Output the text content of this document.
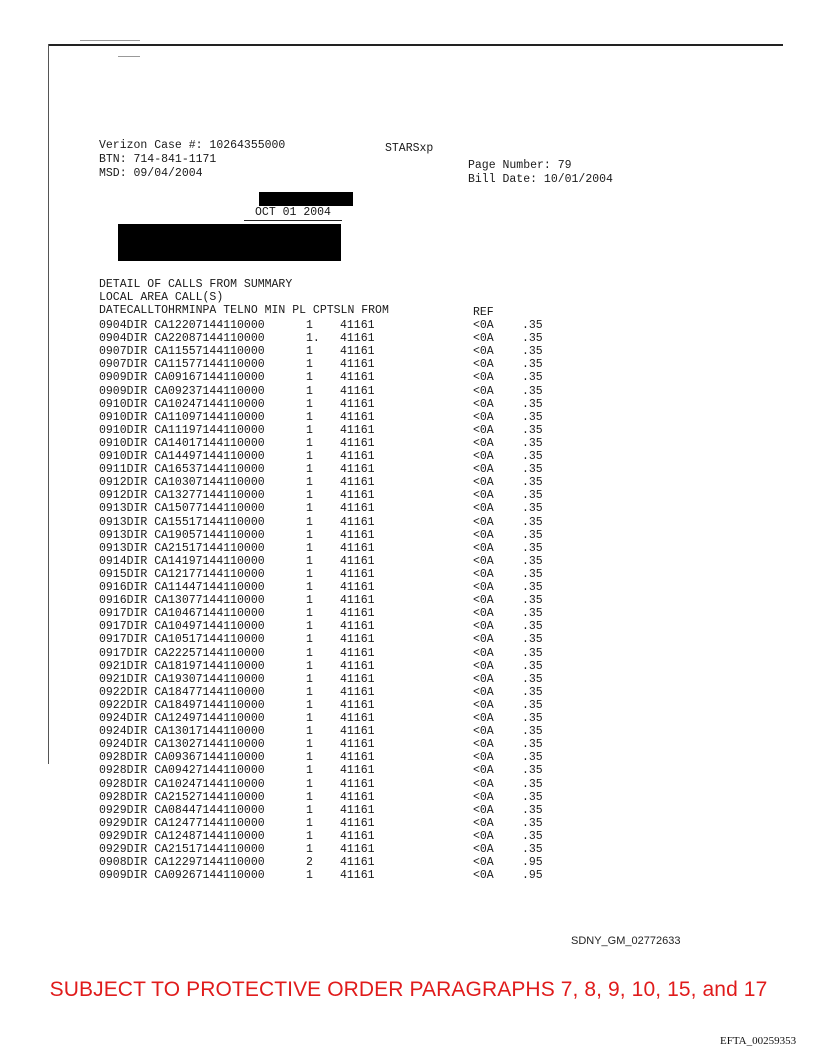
Verizon Case #: 10264355000
BTN: 714-841-1171
MSD: 09/04/2004
STARSxp
Page Number: 79
Bill Date: 10/01/2004
OCT 01 2004
DETAIL OF CALLS FROM SUMMARY
LOCAL AREA CALL(S)
DATECALLTOHRMINPA TELNO MIN PL CPTSLN FROM	REF
0904DIR CA12207144110000	1 41161	<0A .35
0904DIR CA22087144110000	1. 41161	<0A .35
0907DIR CA11557144110000	1 41161	<0A .35
0907DIR CA11577144110000	1 41161	<0A .35
0909DIR CA09167144110000	1 41161	<0A .35
0909DIR CA09237144110000	1 41161	<0A .35
0910DIR CA10247144110000	1 41161	<0A .35
0910DIR CA11097144110000	1 41161	<0A .35
0910DIR CA11197144110000	1 41161	<0A .35
0910DIR CA14017144110000	1 41161	<0A .35
0910DIR CA14497144110000	1 41161	<0A .35
0911DIR CA16537144110000	1 41161	<0A .35
0912DIR CA10307144110000	1 41161	<0A .35
0912DIR CA13277144110000	1 41161	<0A .35
0913DIR CA15077144110000	1 41161	<0A .35
0913DIR CA15517144110000	1 41161	<0A .35
0913DIR CA19057144110000	1 41161	<0A .35
0913DIR CA21517144110000	1 41161	<0A .35
0914DIR CA14197144110000	1 41161	<0A .35
0915DIR CA12177144110000	1 41161	<0A .35
0916DIR CA11447144110000	1 41161	<0A .35
0916DIR CA13077144110000	1 41161	<0A .35
0917DIR CA10467144110000	1 41161	<0A .35
0917DIR CA10497144110000	1 41161	<0A .35
0917DIR CA10517144110000	1 41161	<0A .35
0917DIR CA22257144110000	1 41161	<0A .35
0921DIR CA18197144110000	1 41161	<0A .35
0921DIR CA19307144110000	1 41161	<0A .35
0922DIR CA18477144110000	1 41161	<0A .35
0922DIR CA18497144110000	1 41161	<0A .35
0924DIR CA12497144110000	1 41161	<0A .35
0924DIR CA13017144110000	1 41161	<0A .35
0924DIR CA13027144110000	1 41161	<0A .35
0928DIR CA09367144110000	1 41161	<0A .35
0928DIR CA09427144110000	1 41161	<0A .35
0928DIR CA10247144110000	1 41161	<0A .35
0928DIR CA21527144110000	1 41161	<0A .35
0929DIR CA08447144110000	1 41161	<0A .35
0929DIR CA12477144110000	1 41161	<0A .35
0929DIR CA12487144110000	1 41161	<0A .35
0929DIR CA21517144110000	1 41161	<0A .35
0908DIR CA12297144110000	2 41161	<0A .95
0909DIR CA09267144110000	1 41161	<0A .95
SDNY_GM_02772633
SUBJECT TO PROTECTIVE ORDER PARAGRAPHS 7, 8, 9, 10, 15, and 17
EFTA_00259353
